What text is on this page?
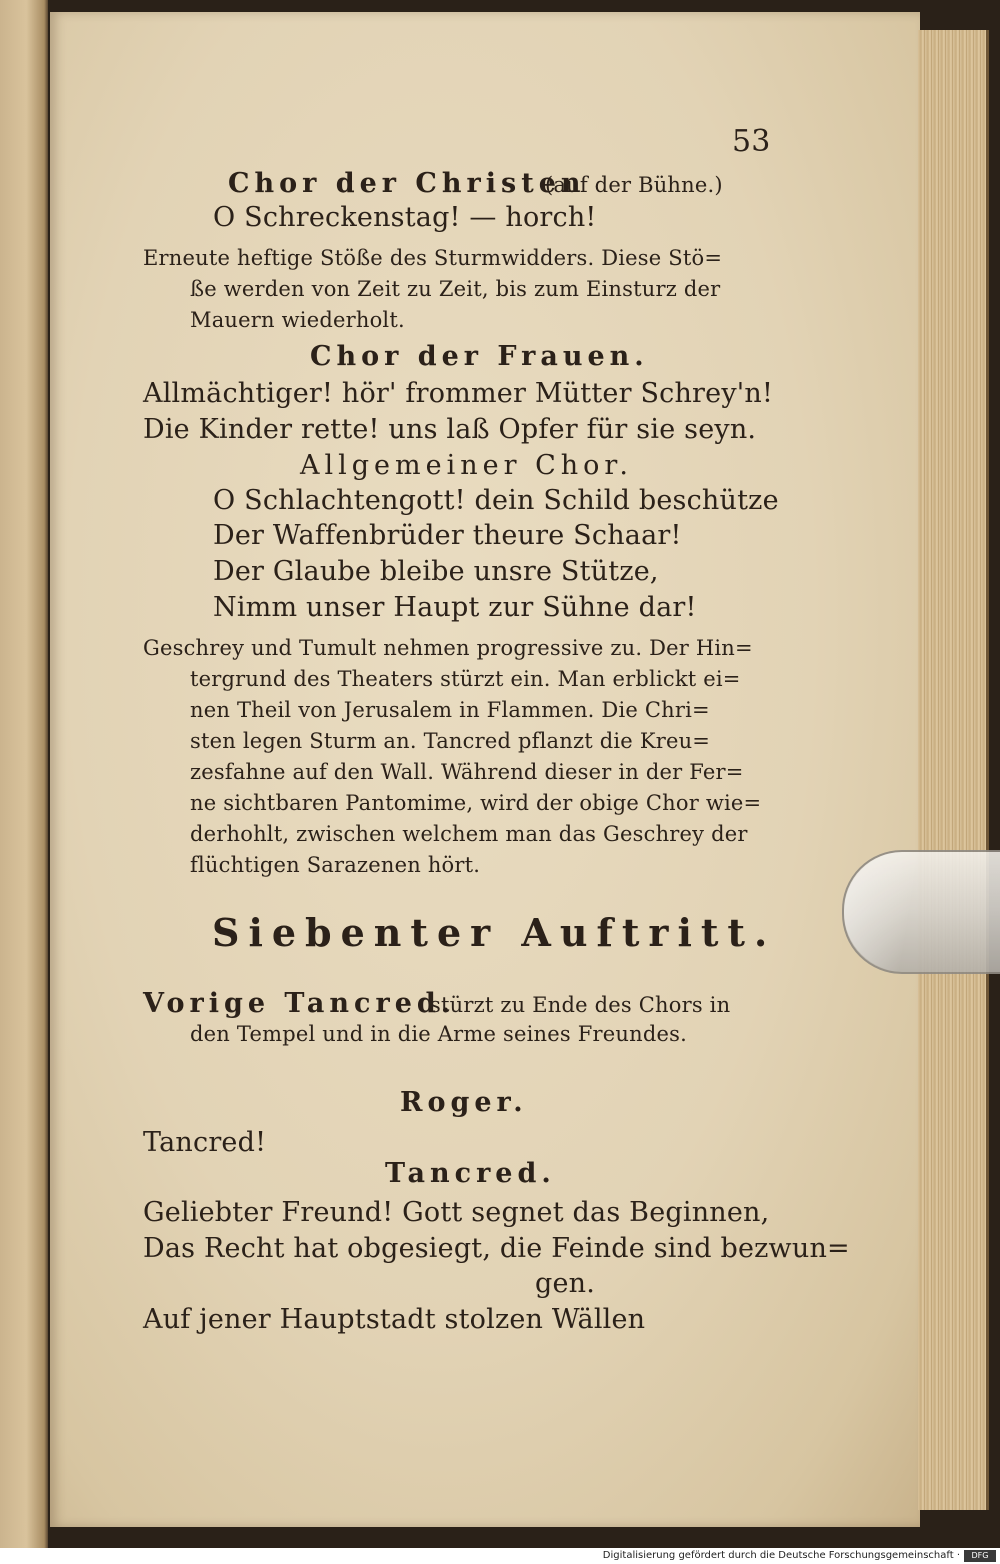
53
Chor der Christen
(auf der Bühne.)
O Schreckenstag! — horch!
Erneute heftige Stöße des Sturmwidders. Diese Stö=
ße werden von Zeit zu Zeit, bis zum Einsturz der
Mauern wiederholt.
Chor der Frauen.
Allmächtiger! hör' frommer Mütter Schrey'n!
Die Kinder rette! uns laß Opfer für sie seyn.
Allgemeiner Chor.
O Schlachtengott! dein Schild beschütze
Der Waffenbrüder theure Schaar!
Der Glaube bleibe unsre Stütze,
Nimm unser Haupt zur Sühne dar!
Geschrey und Tumult nehmen progressive zu. Der Hin=
tergrund des Theaters stürzt ein. Man erblickt ei=
nen Theil von Jerusalem in Flammen. Die Chri=
sten legen Sturm an. Tancred pflanzt die Kreu=
zesfahne auf den Wall. Während dieser in der Fer=
ne sichtbaren Pantomime, wird der obige Chor wie=
derhohlt, zwischen welchem man das Geschrey der
flüchtigen Sarazenen hört.
Siebenter Auftritt.
Vorige Tancred.
stürzt zu Ende des Chors in
den Tempel und in die Arme seines Freundes.
Roger.
Tancred!
Tancred.
Geliebter Freund! Gott segnet das Beginnen,
Das Recht hat obgesiegt, die Feinde sind bezwun=
gen.
Auf jener Hauptstadt stolzen Wällen
Digitalisierung gefördert durch die Deutsche Forschungsgemeinschaft ·	DFG
